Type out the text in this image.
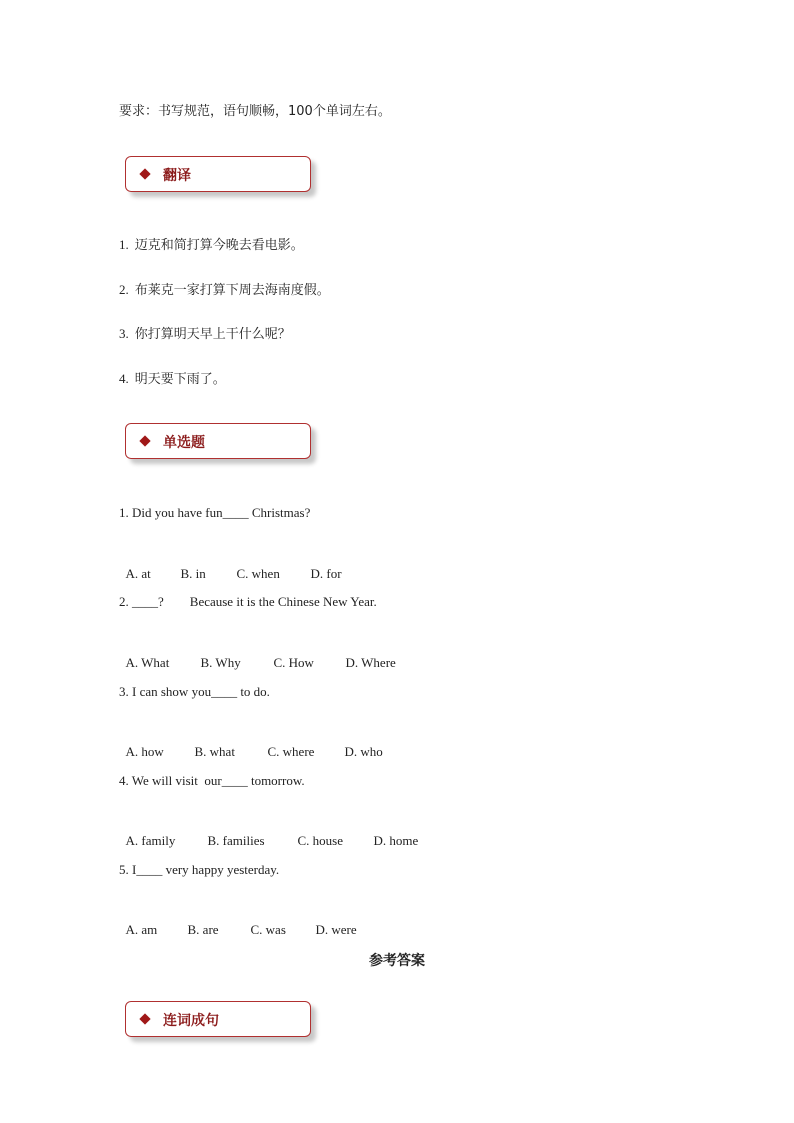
要求：书写规范，语句顺畅，100个单词左右。
翻译
1. 迈克和简打算今晚去看电影。
2. 布莱克一家打算下周去海南度假。
3. 你打算明天早上干什么呢？
4. 明天要下雨了。
单选题
1. Did you have fun____ Christmas?

A. at B. in C. when D. for

2. ____?        Because it is the Chinese New Year.

A. What B. Why	C. How D. Where

3. I can show you____ to do.

A. how B. what	C. where D. who

4. We will visit  our____ tomorrow.

A. family B. families	C. house D. home

5. I____ very happy yesterday.

A. am B. are C. was D. were

参考答案
连词成句
